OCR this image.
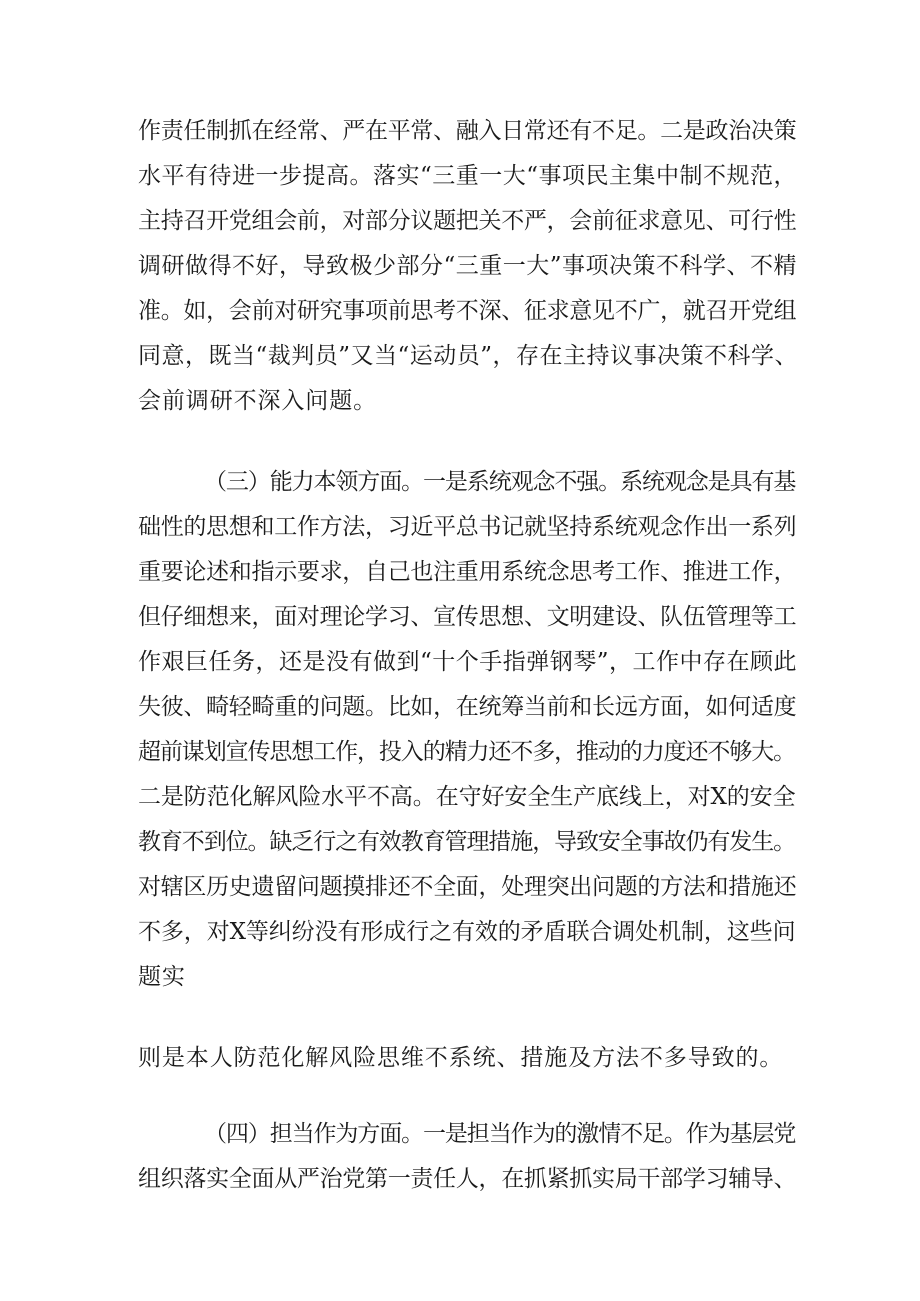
作责任制抓在经常、严在平常、融入日常还有不足。二是政治决策

水平有待进一步提高。落实“三重一大“事项民主集中制不规范，

主持召开党组会前，对部分议题把关不严，会前征求意见、可行性

调研做得不好，导致极少部分“三重一大”事项决策不科学、不精

准。如，会前对研究事项前思考不深、征求意见不广，就召开党组

同意，既当“裁判员”又当“运动员”，存在主持议事决策不科学、

会前调研不深入问题。

（三）能力本领方面。一是系统观念不强。系统观念是具有基

础性的思想和工作方法，习近平总书记就坚持系统观念作出一系列

重要论述和指示要求，自己也注重用系统念思考工作、推进工作，

但仔细想来，面对理论学习、宣传思想、文明建设、队伍管理等工

作艰巨任务，还是没有做到“十个手指弹钢琴”，工作中存在顾此

失彼、畸轻畸重的问题。比如，在统筹当前和长远方面，如何适度

超前谋划宣传思想工作，投入的精力还不多，推动的力度还不够大。

二是防范化解风险水平不高。在守好安全生产底线上，对X的安全

教育不到位。缺乏行之有效教育管理措施，导致安全事故仍有发生。

对辖区历史遗留问题摸排还不全面，处理突出问题的方法和措施还

不多，对X等纠纷没有形成行之有效的矛盾联合调处机制，这些问

题实

则是本人防范化解风险思维不系统、措施及方法不多导致的。

（四）担当作为方面。一是担当作为的激情不足。作为基层党

组织落实全面从严治党第一责任人，在抓紧抓实局干部学习辅导、
